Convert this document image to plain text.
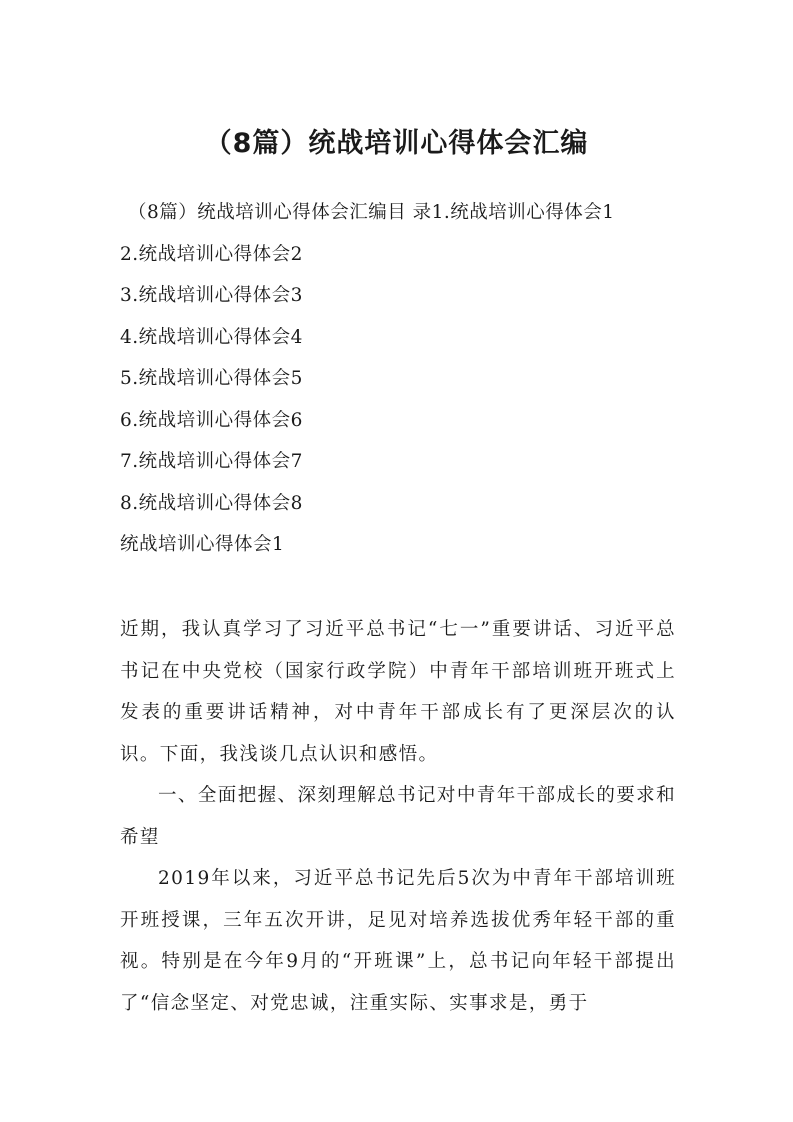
（8篇）统战培训心得体会汇编
（8篇）统战培训心得体会汇编目 录1.统战培训心得体会1
2.统战培训心得体会2
3.统战培训心得体会3
4.统战培训心得体会4
5.统战培训心得体会5
6.统战培训心得体会6
7.统战培训心得体会7
8.统战培训心得体会8
统战培训心得体会1

近期，我认真学习了习近平总书记“七一”重要讲话、习近平总书记在中央党校（国家行政学院）中青年干部培训班开班式上发表的重要讲话精神，对中青年干部成长有了更深层次的认识。下面，我浅谈几点认识和感悟。

一、全面把握、深刻理解总书记对中青年干部成长的要求和希望

2019年以来，习近平总书记先后5次为中青年干部培训班开班授课，三年五次开讲，足见对培养选拔优秀年轻干部的重视。特别是在今年9月的“开班课”上，总书记向年轻干部提出了“信念坚定、对党忠诚，注重实际、实事求是，勇于
